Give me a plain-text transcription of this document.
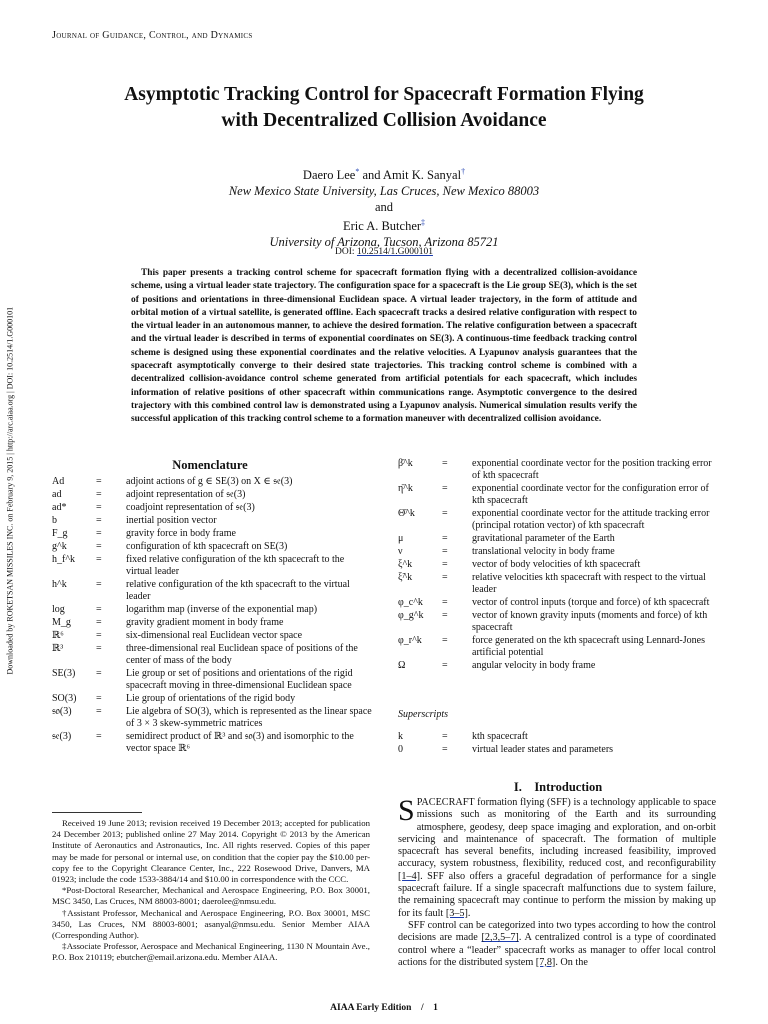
Journal of Guidance, Control, and Dynamics
Asymptotic Tracking Control for Spacecraft Formation Flying
with Decentralized Collision Avoidance
Daero Lee* and Amit K. Sanyal†
New Mexico State University, Las Cruces, New Mexico 88003
and
Eric A. Butcher‡
University of Arizona, Tucson, Arizona 85721
DOI: 10.2514/1.G000101
This paper presents a tracking control scheme for spacecraft formation flying with a decentralized collision-avoidance scheme, using a virtual leader state trajectory. The configuration space for a spacecraft is the Lie group SE(3), which is the set of positions and orientations in three-dimensional Euclidean space. A virtual leader trajectory, in the form of attitude and orbital motion of a virtual satellite, is generated offline. Each spacecraft tracks a desired relative configuration with respect to the virtual leader in an autonomous manner, to achieve the desired formation. The relative configuration between a spacecraft and the virtual leader is described in terms of exponential coordinates on SE(3). A continuous-time feedback tracking control scheme is designed using these exponential coordinates and the relative velocities. A Lyapunov analysis guarantees that the spacecraft asymptotically converge to their desired state trajectories. This tracking control scheme is combined with a decentralized collision-avoidance control scheme generated from artificial potentials for each spacecraft, which includes information of relative positions of other spacecraft within communications range. Asymptotic convergence to the desired trajectory with this combined control law is demonstrated using a Lyapunov analysis. Numerical simulation results verify the successful application of this tracking control scheme to a formation maneuver with decentralized collision avoidance.
Downloaded by ROKETSAN MISSILES INC. on February 9, 2015 | http://arc.aiaa.org | DOI: 10.2514/1.G000101	Nomenclature
Ad	=	adjoint actions of g ∈ SE(3) on X ∈ 𝔰𝔢(3)
ad	=	adjoint representation of 𝔰𝔢(3)
ad*	=	coadjoint representation of 𝔰𝔢(3)
b	=	inertial position vector
F_g	=	gravity force in body frame
g^k	=	configuration of kth spacecraft on SE(3)
h_f^k	=	fixed relative configuration of the kth spacecraft to the virtual leader
h^k	=	relative configuration of the kth spacecraft to the virtual leader
log	=	logarithm map (inverse of the exponential map)
M_g	=	gravity gradient moment in body frame
ℝ⁶	=	six-dimensional real Euclidean vector space
ℝ³	=	three-dimensional real Euclidean space of positions of the center of mass of the body
SE(3)	=	Lie group or set of positions and orientations of the rigid spacecraft moving in three-dimensional Euclidean space
SO(3)	=	Lie group of orientations of the rigid body
𝔰𝔬(3)	=	Lie algebra of SO(3), which is represented as the linear space of 3 × 3 skew-symmetric matrices
𝔰𝔢(3)	=	semidirect product of ℝ³ and 𝔰𝔬(3) and isomorphic to the vector space ℝ⁶
β̄^k	=	exponential coordinate vector for the position tracking error of kth spacecraft
η̄^k	=	exponential coordinate vector for the configuration error of kth spacecraft
Θ̄^k	=	exponential coordinate vector for the attitude tracking error (principal rotation vector) of kth spacecraft
μ	=	gravitational parameter of the Earth
ν	=	translational velocity in body frame
ξ^k	=	vector of body velocities of kth spacecraft
ξ̃^k	=	relative velocities kth spacecraft with respect to the virtual leader
φ_c^k	=	vector of control inputs (torque and force) of kth spacecraft
φ_g^k	=	vector of known gravity inputs (moments and force) of kth spacecraft
φ_r^k	=	force generated on the kth spacecraft using Lennard-Jones artificial potential
Ω	=	angular velocity in body frame
Superscripts
k	=	kth spacecraft
0	=	virtual leader states and parameters

Received 19 June 2013; revision received 19 December 2013; accepted for publication 24 December 2013; published online 27 May 2014. Copyright © 2013 by the American Institute of Aeronautics and Astronautics, Inc. All rights reserved. Copies of this paper may be made for personal or internal use, on condition that the copier pay the $10.00 per-copy fee to the Copyright Clearance Center, Inc., 222 Rosewood Drive, Danvers, MA 01923; include the code 1533-3884/14 and $10.00 in correspondence with the CCC.

*Post-Doctoral Researcher, Mechanical and Aerospace Engineering, P.O. Box 30001, MSC 3450, Las Cruces, NM 88003-8001; daerolee@nmsu.edu.

†Assistant Professor, Mechanical and Aerospace Engineering, P.O. Box 30001, MSC 3450, Las Cruces, NM 88003-8001; asanyal@nmsu.edu. Senior Member AIAA (Corresponding Author).

‡Associate Professor, Aerospace and Mechanical Engineering, 1130 N Mountain Ave., P.O. Box 210119; ebutcher@email.arizona.edu. Member AIAA.

I. Introduction

SPACECRAFT formation flying (SFF) is a technology applicable to space missions such as monitoring of the Earth and its surrounding atmosphere, geodesy, deep space imaging and exploration, and on-orbit servicing and maintenance of spacecraft. The formation of multiple spacecraft has several benefits, including increased feasibility, improved accuracy, system robustness, flexibility, reduced cost, and reconfigurability [1–4]. SFF also offers a graceful degradation of performance for a single spacecraft failure. If a single spacecraft malfunctions due to system failure, the remaining spacecraft may continue to perform the mission by making up for its fault [3–5].

SFF control can be categorized into two types according to how the control decisions are made [2,3,5–7]. A centralized control is a type of coordinated control where a “leader” spacecraft works as manager to offer local control actions for the distributed system [7,8]. On the

AIAA Early Edition / 1
